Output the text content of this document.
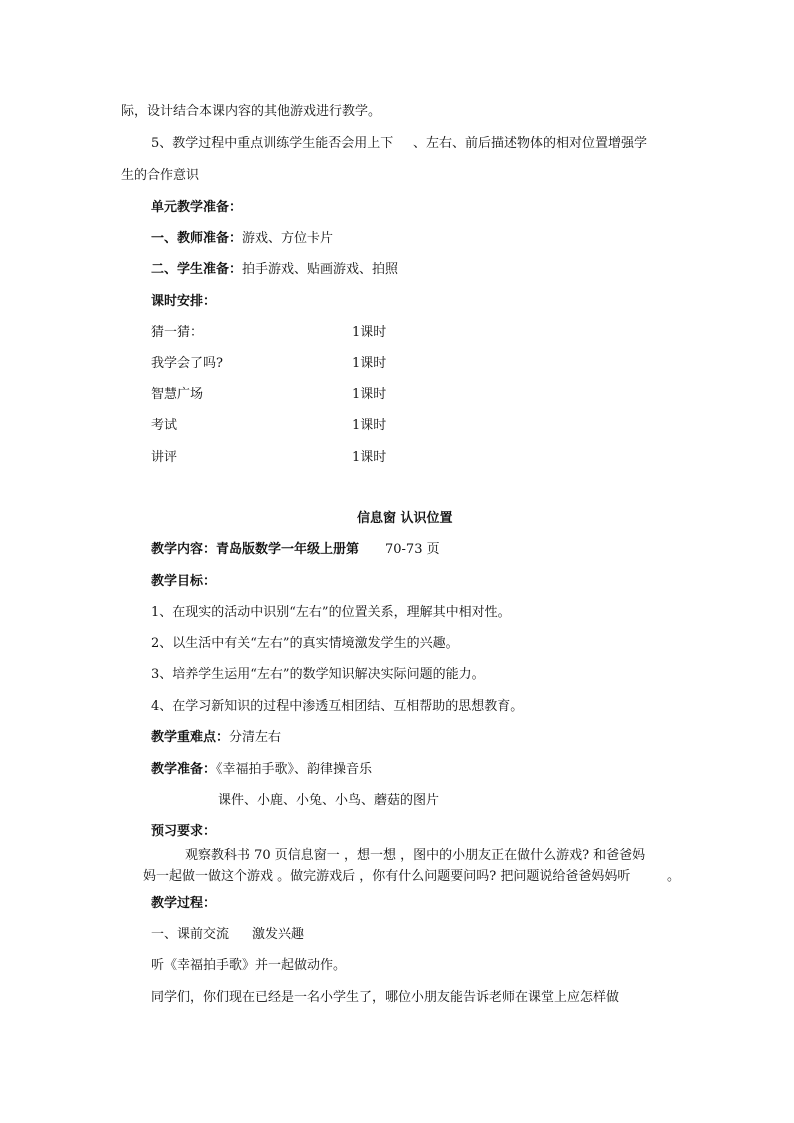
际，设计结合本课内容的其他游戏进行教学。
5、教学过程中重点训练学生能否会用上下 、左右、前后描述物体的相对位置增强学
生的合作意识
单元教学准备：
一、教师准备：游戏、方位卡片
二、学生准备：拍手游戏、贴画游戏、拍照
课时安排：
猜一猜：	1课时
我学会了吗?	1课时
智慧广场	1课时
考试	1课时
讲评	1课时
信息窗 认识位置
教学内容：青岛版数学一年级上册第 70-73 页
教学目标：
1、在现实的活动中识别“左右”的位置关系，理解其中相对性。
2、以生活中有关“左右”的真实情境激发学生的兴趣。
3、培养学生运用“左右”的数学知识解决实际问题的能力。
4、在学习新知识的过程中渗透互相团结、互相帮助的思想教育。
教学重难点：分清左右
教学准备：《幸福拍手歌》、韵律操音乐
课件、小鹿、小兔、小鸟、蘑菇的图片
预习要求：
观察教科书 70 页信息窗一 ，想一想 ，图中的小朋友正在做什么游戏? 和爸爸妈
妈一起做一做这个游戏 。做完游戏后 ，你有什么问题要问吗? 把问题说给爸爸妈妈听	。
教学过程：
一、课前交流 激发兴趣
听《幸福拍手歌》并一起做动作。
同学们，你们现在已经是一名小学生了，哪位小朋友能告诉老师在课堂上应怎样做
